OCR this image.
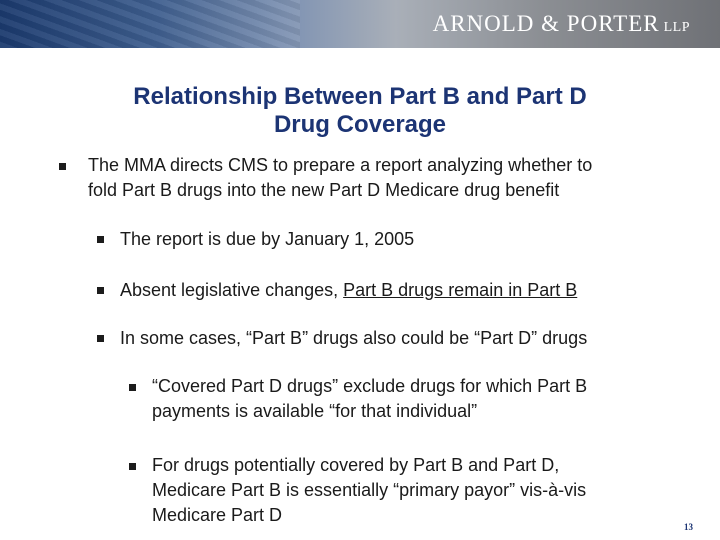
ARNOLD & PORTER LLP
Relationship Between Part B and Part D
Drug Coverage
The MMA directs CMS to prepare a report analyzing whether to
fold Part B drugs into the new Part D Medicare drug benefit
The report is due by January 1, 2005
Absent legislative changes, Part B drugs remain in Part B
In some cases, “Part B” drugs also could be “Part D” drugs
“Covered Part D drugs” exclude drugs for which Part B
payments is available “for that individual”
For drugs potentially covered by Part B and Part D,
Medicare Part B is essentially “primary payor” vis-à-vis
Medicare Part D
13
